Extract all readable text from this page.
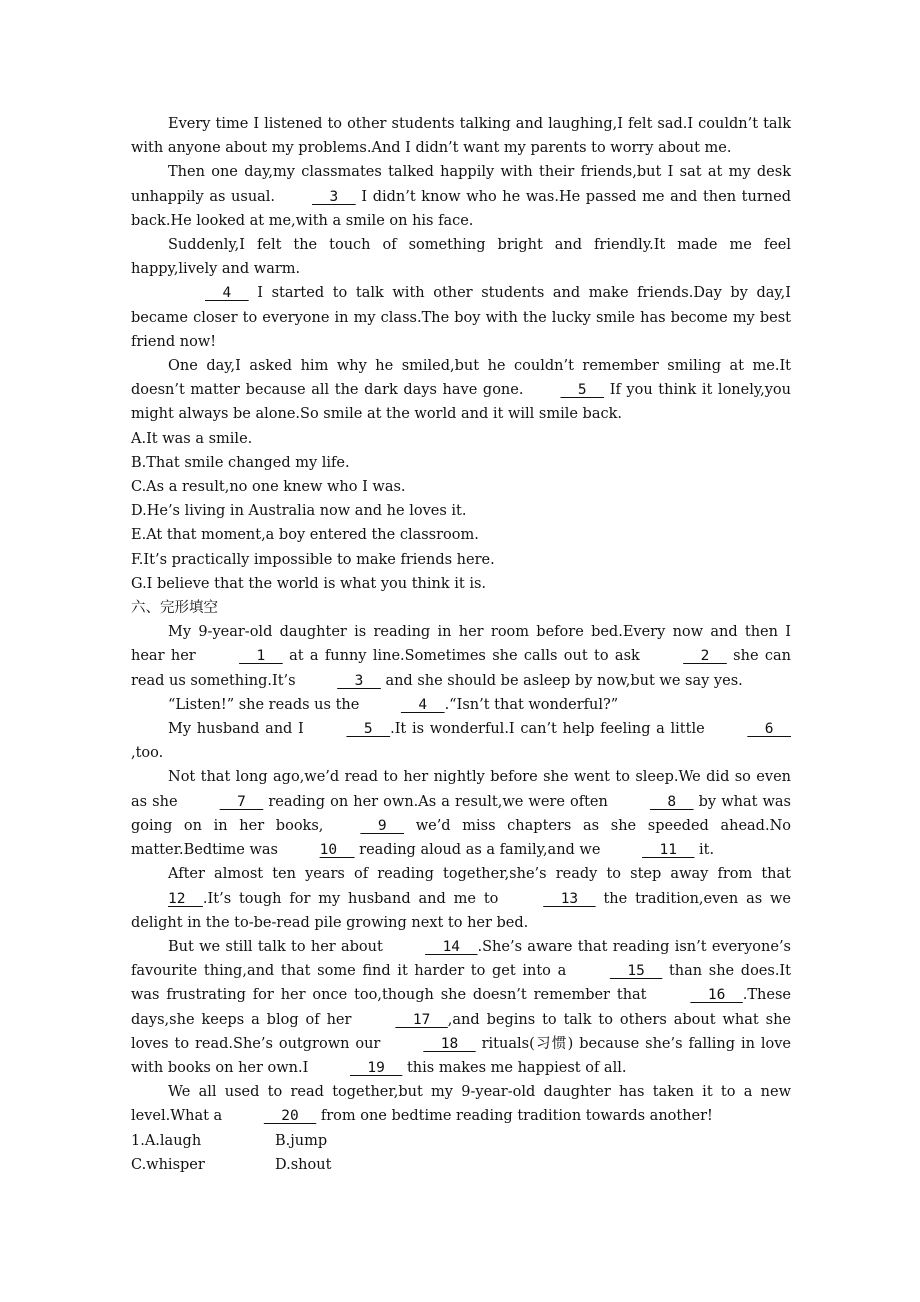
Every time I listened to other students talking and laughing,I felt sad.I couldn’t talk with anyone about my problems.And I didn’t want my parents to worry about me.

Then one day,my classmates talked happily with their friends,but I sat at my desk unhappily as usual.	3   I didn’t know who he was.He passed me and then turned back.He looked at me,with a smile on his face.

Suddenly,I felt the touch of something bright and friendly.It made me feel happy,lively and warm.

4   I started to talk with other students and make friends.Day by day,I became closer to everyone in my class.The boy with the lucky smile has become my best friend now!

One day,I asked him why he smiled,but he couldn’t remember smiling at me.It doesn’t matter because all the dark days have gone.	5   If you think it lonely,you might always be alone.So smile at the world and it will smile back.

A.It was a smile.

B.That smile changed my life.

C.As a result,no one knew who I was.

D.He’s living in Australia now and he loves it.

E.At that moment,a boy entered the classroom.

F.It’s practically impossible to make friends here.

G.I believe that the world is what you think it is.

六、完形填空

My 9-year-old daughter is reading in her room before bed.Every now and then I hear her	1   at a funny line.Sometimes she calls out to ask	2   she can read us something.It’s	3   and she should be asleep by now,but we say yes.

“Listen!” she reads us the	4  .“Isn’t that wonderful?”

My husband and I	5  .It is wonderful.I can’t help feeling a little	6  ,too.

Not that long ago,we’d read to her nightly before she went to sleep.We did so even as she	7   reading on her own.As a result,we were often	8   by what was going on in her books,	9   we’d miss chapters as she speeded ahead.No matter.Bedtime was	10   reading aloud as a family,and we	11   it.

After almost ten years of reading together,she’s ready to step away from that 12  .It’s tough for my husband and me to	13   the tradition,even as we delight in the to-be-read pile growing next to her bed.

But we still talk to her about	14  .She’s aware that reading isn’t everyone’s favourite thing,and that some find it harder to get into a	15   than she does.It was frustrating for her once too,though she doesn’t remember that	16  .These days,she keeps a blog of her	17  ,and begins to talk to others about what she loves to read.She’s outgrown our	18   rituals(习惯) because she’s falling in love with books on her own.I	19   this makes me happiest of all.

We all used to read together,but my 9-year-old daughter has taken it to a new level.What a	20   from one bedtime reading tradition towards another!

1.A.laugh	B.jump
C.whisper	D.shout
